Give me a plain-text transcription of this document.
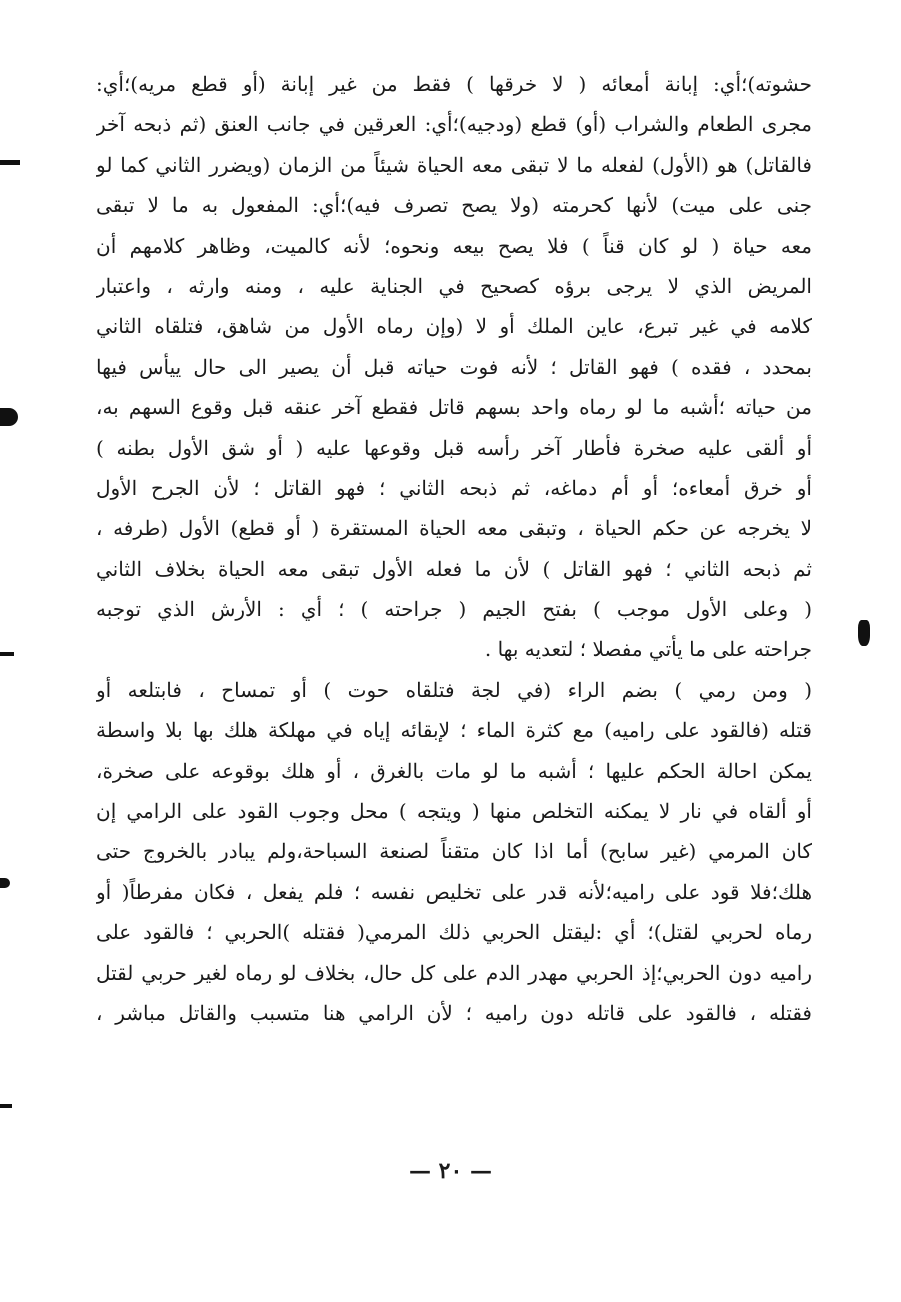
حشوته)؛أي: إبانة أمعائه ( لا خرقها ) فقط من غير إبانة (أو قطع مريه)؛أي:
مجرى الطعام والشراب (أو) قطع (ودجيه)؛أي: العرقين في جانب العنق (ثم ذبحه آخر
فالقاتل) هو (الأول) لفعله ما لا تبقى معه الحياة شيئاً من الزمان (ويضرر الثاني كما لو
جنى على ميت) لأنها كحرمته (ولا يصح تصرف فيه)؛أي: المفعول به ما لا تبقى
معه حياة ( لو كان قناً ) فلا يصح بيعه ونحوه؛ لأنه كالميت، وظاهر كلامهم أن
المريض الذي لا يرجى برؤه كصحيح في الجناية عليه ، ومنه وارثه ، واعتبار
كلامه في غير تبرع، عاين الملك أو لا (وإن رماه الأول من شاهق، فتلقاه الثاني
بمحدد ، فقده ) فهو القاتل ؛ لأنه فوت حياته قبل أن يصير الى حال ييأس فيها
من حياته ؛أشبه ما لو رماه واحد بسهم قاتل فقطع آخر عنقه قبل وقوع السهم به،
أو ألقى عليه صخرة فأطار آخر رأسه قبل وقوعها عليه ( أو شق الأول بطنه )
أو خرق أمعاءه؛ أو أم دماغه، ثم ذبحه الثاني ؛ فهو القاتل ؛ لأن الجرح الأول
لا يخرجه عن حكم الحياة ، وتبقى معه الحياة المستقرة ( أو قطع) الأول (طرفه ،
ثم ذبحه الثاني ؛ فهو القاتل ) لأن ما فعله الأول تبقى معه الحياة بخلاف الثاني
( وعلى الأول موجب ) بفتح الجيم ( جراحته ) ؛ أي : الأرش الذي توجبه
جراحته على ما يأتي مفصلا ؛ لتعديه بها .
( ومن رمي ) بضم الراء (في لجة فتلقاه حوت ) أو تمساح ، فابتلعه أو
قتله (فالقود على راميه) مع كثرة الماء ؛ لإبقائه إياه في مهلكة هلك بها بلا واسطة
يمكن احالة الحكم عليها ؛ أشبه ما لو مات بالغرق ، أو هلك بوقوعه على صخرة،
أو ألقاه في نار لا يمكنه التخلص منها ( ويتجه ) محل وجوب القود على الرامي إن
كان المرمي (غير سابح) أما اذا كان متقناً لصنعة السباحة،ولم يبادر بالخروج حتى
هلك؛فلا قود على راميه؛لأنه قدر على تخليص نفسه ؛ فلم يفعل ، فكان مفرطاً( أو
رماه لحربي لقتل)؛ أي :ليقتل الحربي ذلك المرمي( فقتله )الحربي ؛ فالقود على
راميه دون الحربي؛إذ الحربي مهدر الدم على كل حال، بخلاف لو رماه لغير حربي لقتل
فقتله ، فالقود على قاتله دون راميه ؛ لأن الرامي هنا متسبب والقاتل مباشر ،
— ٢٠ —
